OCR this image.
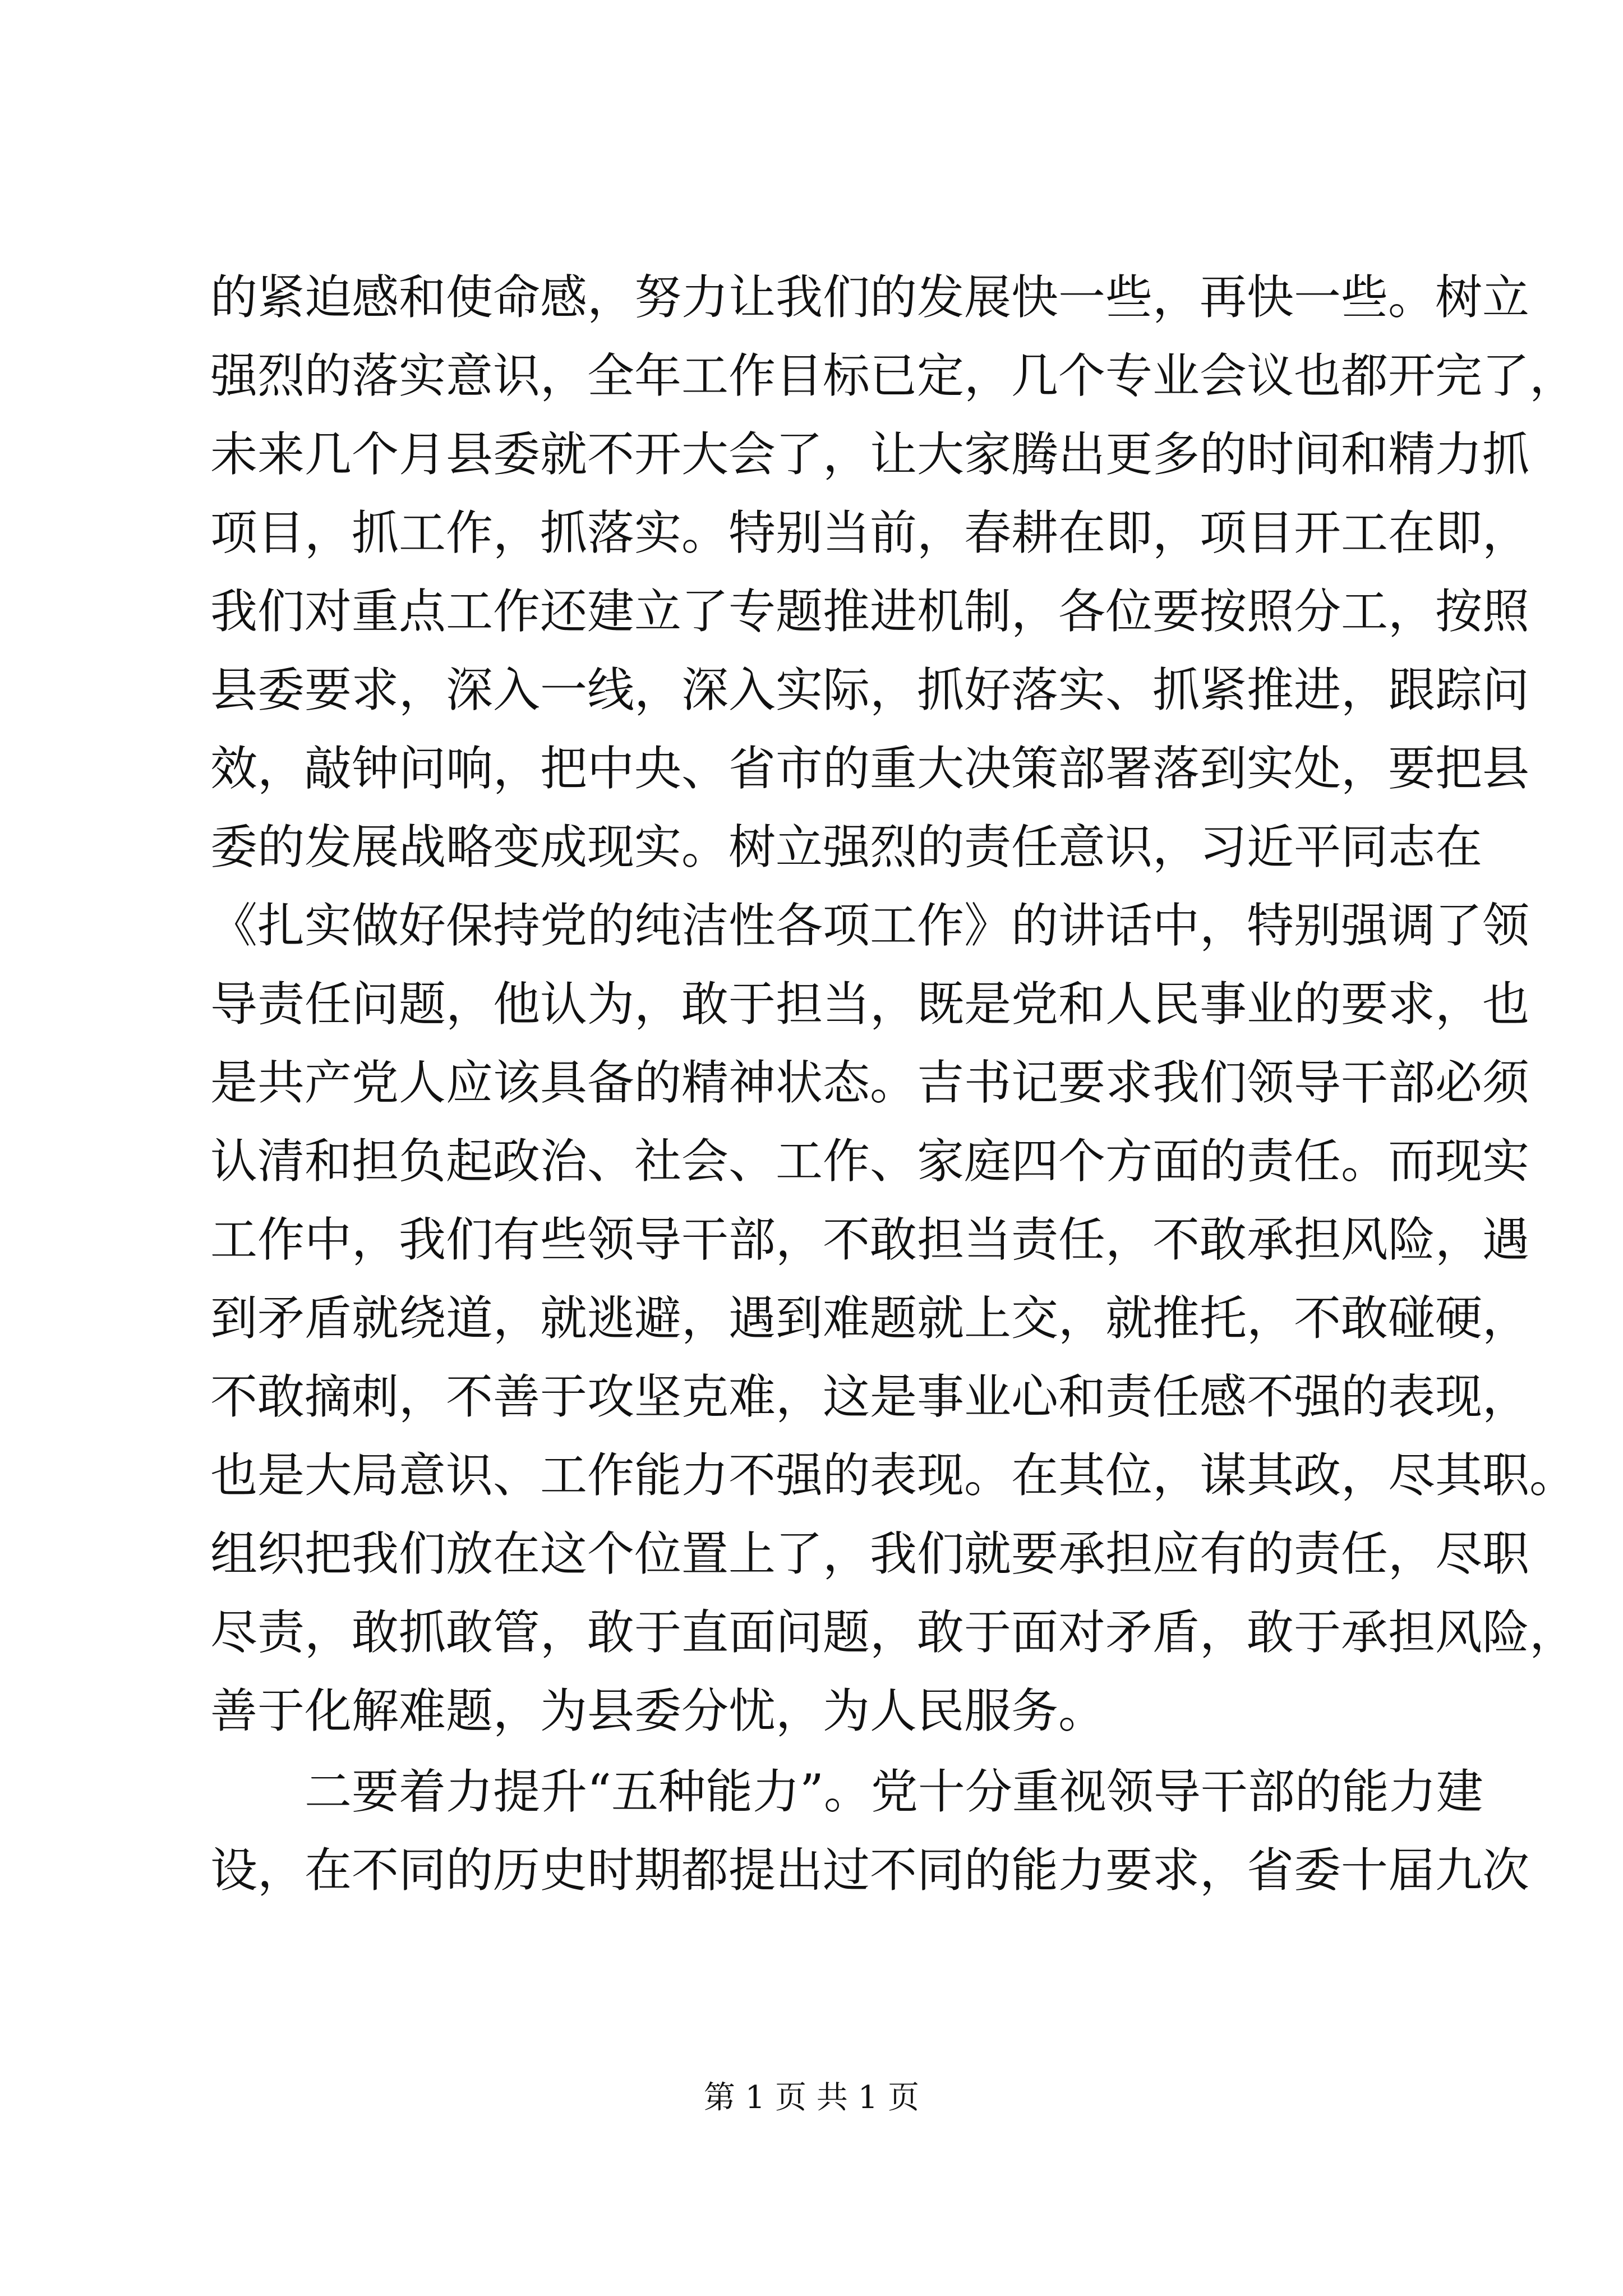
的紧迫感和使命感，努力让我们的发展快一些，再快一些。树立
强烈的落实意识，全年工作目标已定，几个专业会议也都开完了，
未来几个月县委就不开大会了，让大家腾出更多的时间和精力抓
项目，抓工作，抓落实。特别当前，春耕在即，项目开工在即，
我们对重点工作还建立了专题推进机制，各位要按照分工，按照
县委要求，深入一线，深入实际，抓好落实、抓紧推进，跟踪问
效，敲钟问响，把中央、省市的重大决策部署落到实处，要把县
委的发展战略变成现实。树立强烈的责任意识，习近平同志在
《扎实做好保持党的纯洁性各项工作》的讲话中，特别强调了领
导责任问题，他认为，敢于担当，既是党和人民事业的要求，也
是共产党人应该具备的精神状态。吉书记要求我们领导干部必须
认清和担负起政治、社会、工作、家庭四个方面的责任。而现实
工作中，我们有些领导干部，不敢担当责任，不敢承担风险，遇
到矛盾就绕道，就逃避，遇到难题就上交，就推托，不敢碰硬，
不敢摘刺，不善于攻坚克难，这是事业心和责任感不强的表现，
也是大局意识、工作能力不强的表现。在其位，谋其政，尽其职。
组织把我们放在这个位置上了，我们就要承担应有的责任，尽职
尽责，敢抓敢管，敢于直面问题，敢于面对矛盾，敢于承担风险，
善于化解难题，为县委分忧，为人民服务。
二要着力提升“五种能力”。党十分重视领导干部的能力建
设，在不同的历史时期都提出过不同的能力要求，省委十届九次
第 1 页 共 1 页
